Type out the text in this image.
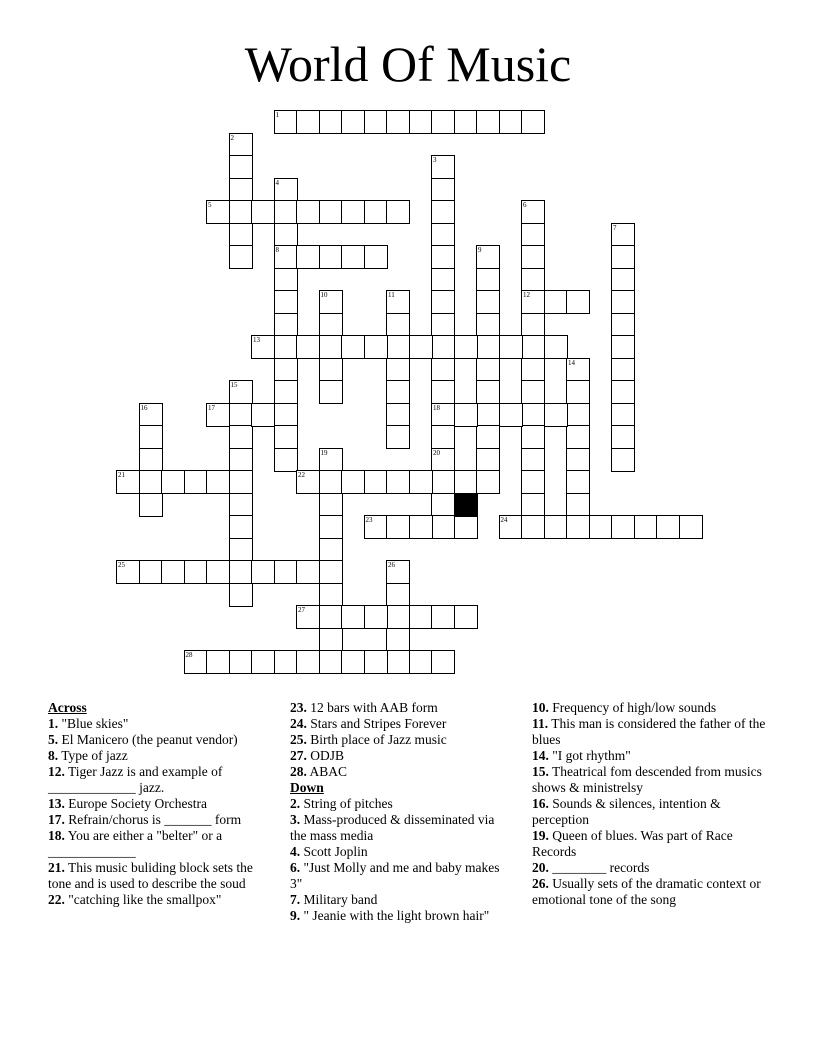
World Of Music
1
2
3
18
4
8
5	6
12
7
9
10	11
13
14
15
16	17
19	20
21	22
23	24
25	26
27
28
Across
1. "Blue skies"
5. El Manicero (the peanut vendor)
8. Type of jazz
12. Tiger Jazz is and example of _____________ jazz.
13. Europe Society Orchestra
17. Refrain/chorus is _______ form
18. You are either a "belter" or a _____________
21. This music buliding block sets the tone and is used to describe the soud
22. "catching like the smallpox"
23. 12 bars with AAB form
24. Stars and Stripes Forever
25. Birth place of Jazz music
27. ODJB
28. ABAC
Down
2. String of pitches
3. Mass-produced & disseminated via the mass media
4. Scott Joplin
6. "Just Molly and me and baby makes 3"
7. Military band
9. " Jeanie with the light brown hair"
10. Frequency of high/low sounds
11. This man is considered the father of the blues
14. "I got rhythm"
15. Theatrical fom descended from musics shows & ministrelsy
16. Sounds & silences, intention & perception
19. Queen of blues. Was part of Race Records
20. ________ records
26. Usually sets of the dramatic context or emotional tone of the song
